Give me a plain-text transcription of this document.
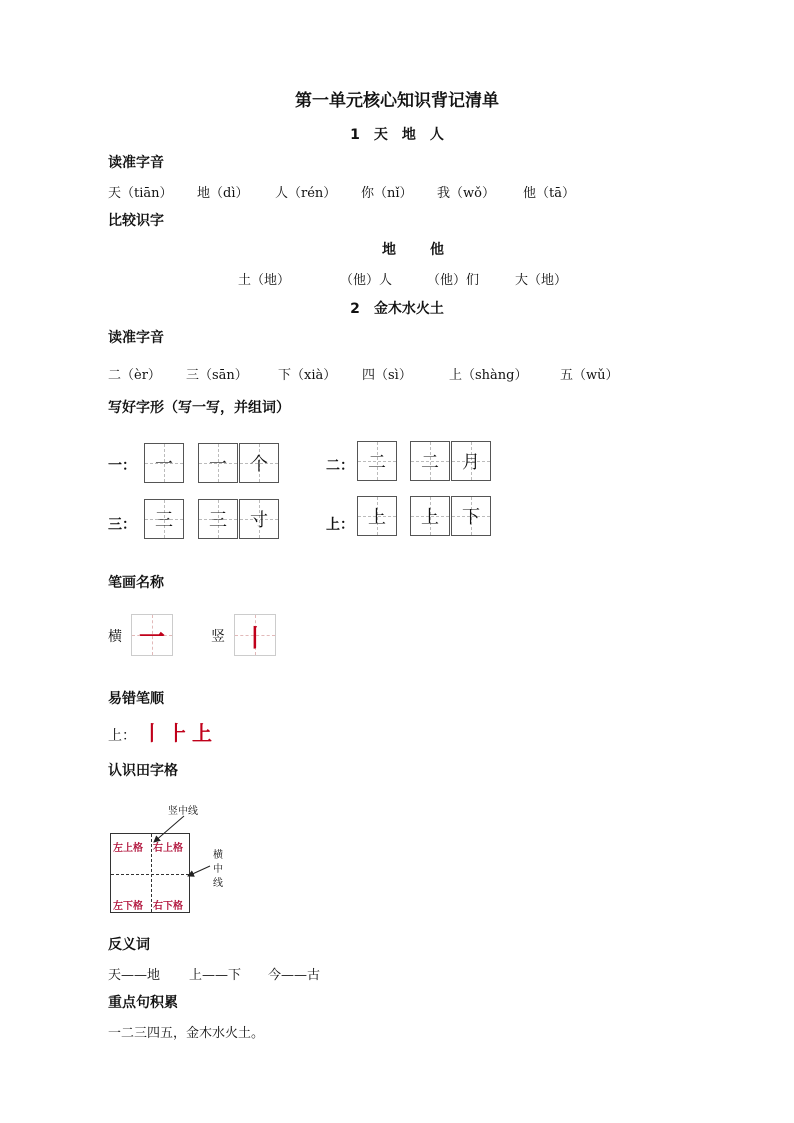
第一单元核心知识背记清单
1　天　地　人
读准字音
天（tiān） 地（dì） 人（rén） 你（nǐ） 我（wǒ） 他（tā）
比较识字
地 他
土（地）	（他）人	（他）们	大（地）
2　金木水火土
读准字音
二（èr） 三（sān） 下（xià） 四（sì）	上（shàng）	五（wǔ）
写好字形（写一写，并组词）
一：	一	一	个	二： 二	二	月
三：	三	三	寸	上： 上	上	下
笔画名称
横 一	竖 丨
易错笔顺
上： 丨 ⺊ 上
认识田字格
竖中线
左上格 右上格
左下格 右下格
横
中
线
反义词
天——地 上——下 今——古
重点句积累
一二三四五，金木水火土。
